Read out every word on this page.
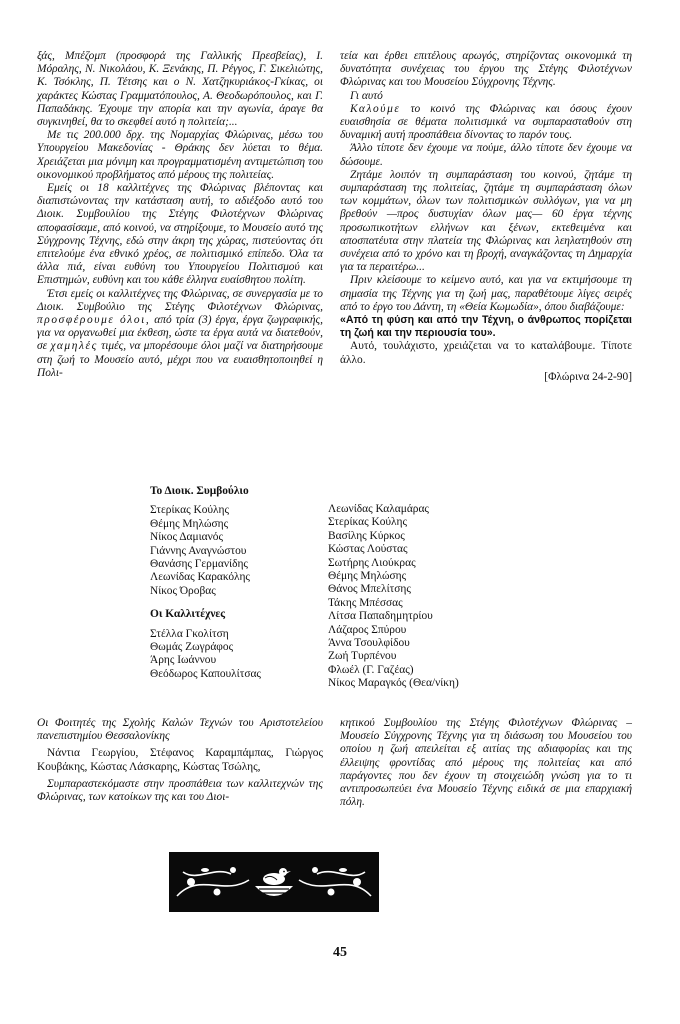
ξάς, Μπέζομπ (προσφορά της Γαλλικής Πρεσβείας), Ι. Μόραλης, Ν. Νικολάου, Κ. Ξενάκης, Π. Ρέγγος, Γ. Σικελιώτης, Κ. Τσόκλης, Π. Τέτσης και ο Ν. Χατζηκυριάκος-Γκίκας, οι χαράκτες Κώστας Γραμματόπουλος, Α. Θεοδωρόπουλος, και Γ. Παπαδάκης. Έχουμε την απορία και την αγωνία, άραγε θα συγκινηθεί, θα το σκεφθεί αυτό η πολιτεία;...

Με τις 200.000 δρχ. της Νομαρχίας Φλώρινας, μέσω του Υπουργείου Μακεδονίας - Θράκης δεν λύεται το θέμα. Χρειάζεται μια μόνιμη και προγραμματισμένη αντιμετώπιση του οικονομικού προβλήματος από μέρους της πολιτείας.

Εμείς οι 18 καλλιτέχνες της Φλώρινας βλέποντας και διαπιστώνοντας την κατάσταση αυτή, το αδιέξοδο αυτό του Διοικ. Συμβουλίου της Στέγης Φιλοτέχνων Φλώρινας αποφασίσαμε, από κοινού, να στηρίξουμε, το Μουσείο αυτό της Σύγχρονης Τέχνης, εδώ στην άκρη της χώρας, πιστεύοντας ότι επιτελούμε ένα εθνικό χρέος, σε πολιτισμικό επίπεδο. Όλα τα άλλα πιά, είναι ευθύνη του Υπουργείου Πολιτισμού και Επιστημών, ευθύνη και του κάθε έλληνα ευαίσθητου πολίτη.

Έτσι εμείς οι καλλιτέχνες της Φλώρινας, σε συνεργασία με το Διοικ. Συμβούλιο της Στέγης Φιλοτέχνων Φλώρινας, προσφέρουμε όλοι, από τρία (3) έργα, έργα ζωγραφικής, για να οργανωθεί μια έκθεση, ώστε τα έργα αυτά να διατεθούν, σε χαμηλές τιμές, να μπορέσουμε όλοι μαζί να διατηρήσουμε στη ζωή το Μουσείο αυτό, μέχρι που να ευαισθητοποιηθεί η Πολι-

τεία και έρθει επιτέλους αρωγός, στηρίζοντας οικονομικά τη δυνατότητα συνέχειας του έργου της Στέγης Φιλοτέχνων Φλώρινας και του Μουσείου Σύγχρονης Τέχνης.

Γι αυτό

Καλούμε το κοινό της Φλώρινας και όσους έχουν ευαισθησία σε θέματα πολιτισμικά να συμπαρασταθούν στη δυναμική αυτή προσπάθεια δίνοντας το παρόν τους.

Άλλο τίποτε δεν έχουμε να πούμε, άλλο τίποτε δεν έχουμε να δώσουμε.

Ζητάμε λοιπόν τη συμπαράσταση του κοινού, ζητάμε τη συμπαράσταση της πολιτείας, ζητάμε τη συμπαράσταση όλων των κομμάτων, όλων των πολιτισμικών συλλόγων, για να μη βρεθούν —προς δυστυχίαν όλων μας— 60 έργα τέχνης προσωπικοτήτων ελλήνων και ξένων, εκτεθειμένα και αποσπατέυτα στην πλατεία της Φλώρινας και λεηλατηθούν στη συνέχεια από το χρόνο και τη βροχή, αναγκάζοντας τη Δημαρχία για τα περαιτέρω...

Πριν κλείσουμε το κείμενο αυτό, και για να εκτιμήσουμε τη σημασία της Τέχνης για τη ζωή μας, παραθέτουμε λίγες σειρές από το έργο του Δάντη, τη «Θεία Κωμωδία», όπου διαβάζουμε:

«Από τη φύση και από την Τέχνη, ο άνθρωπος πορίζεται τη ζωή και την περιουσία του».

Αυτό, τουλάχιστο, χρειάζεται να το καταλάβουμε. Τίποτε άλλο.

[Φλώρινα 24-2-90]
Το Διοικ. Συμβούλιο
Στερίκας Κούλης
Θέμης Μηλώσης
Νίκος Δαμιανός
Γιάννης Αναγνώστου
Θανάσης Γερμανίδης
Λεωνίδας Καρακόλης
Νίκος Όροβας
Οι Καλλιτέχνες
Στέλλα Γκολίτση
Θωμάς Ζωγράφος
Άρης Ιωάννου
Θεόδωρος Καπουλίτσας
Λεωνίδας Καλαμάρας
Στερίκας Κούλης
Βασίλης Κύρκος
Κώστας Λούστας
Σωτήρης Λιούκρας
Θέμης Μηλώσης
Θάνος Μπελίτσης
Τάκης Μπέσσας
Λίτσα Παπαδημητρίου
Λάζαρος Σπύρου
Άννα Τσουλφίδου
Ζωή Τυρπένου
Φλωέλ (Γ. Γαζέας)
Νίκος Μαραγκός (Θεα/νίκη)

Οι Φοιτητές της Σχολής Καλών Τεχνών του Αριστοτελείου πανεπιστημίου Θεσσαλονίκης

Νάντια Γεωργίου, Στέφανος Καραμπάμπας, Γιώργος Κουβάκης, Κώστας Λάσκαρης, Κώστας Τσώλης,

Συμπαραστεκόμαστε στην προσπάθεια των καλλιτεχνών της Φλώρινας, των κατοίκων της και του Διοι-

κητικού Συμβουλίου της Στέγης Φιλοτέχνων Φλώρινας – Μουσείο Σύγχρονης Τέχνης για τη διάσωση του Μουσείου του οποίου η ζωή απειλείται εξ αιτίας της αδιαφορίας και της έλλειψης φροντίδας από μέρους της πολιτείας και από παράγοντες που δεν έχουν τη στοιχειώδη γνώση για το τι αντιπροσωπεύει ένα Μουσείο Τέχνης ειδικά σε μια επαρχιακή πόλη.

45
